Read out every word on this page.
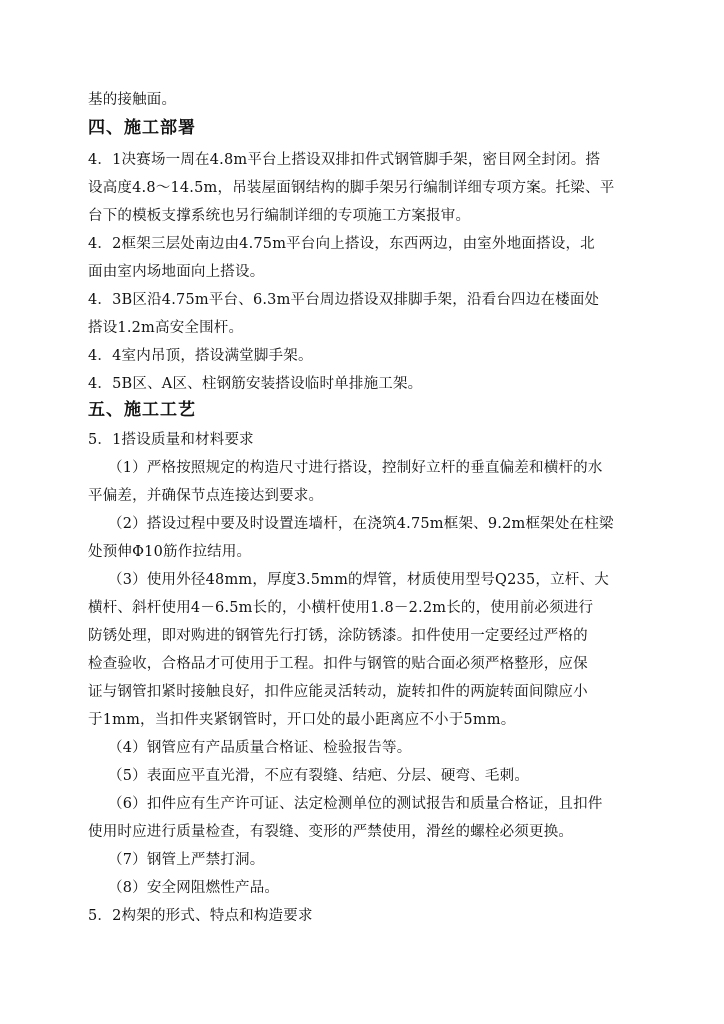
基的接触面。
四、施工部署
4．1决赛场一周在4.8m平台上搭设双排扣件式钢管脚手架，密目网全封闭。搭
设高度4.8～14.5m，吊装屋面钢结构的脚手架另行编制详细专项方案。托梁、平
台下的模板支撑系统也另行编制详细的专项施工方案报审。
4．2框架三层处南边由4.75m平台向上搭设，东西两边，由室外地面搭设，北
面由室内场地面向上搭设。
4．3B区沿4.75m平台、6.3m平台周边搭设双排脚手架，沿看台四边在楼面处
搭设1.2m高安全围杆。
4．4室内吊顶，搭设满堂脚手架。
4．5B区、A区、柱钢筋安装搭设临时单排施工架。
五、施工工艺
5．1搭设质量和材料要求
（1）严格按照规定的构造尺寸进行搭设，控制好立杆的垂直偏差和横杆的水
平偏差，并确保节点连接达到要求。
（2）搭设过程中要及时设置连墙杆，在浇筑4.75m框架、9.2m框架处在柱梁
处预伸Φ10筋作拉结用。
（3）使用外径48mm，厚度3.5mm的焊管，材质使用型号Q235，立杆、大
横杆、斜杆使用4－6.5m长的，小横杆使用1.8－2.2m长的，使用前必须进行
防锈处理，即对购进的钢管先行打锈，涂防锈漆。扣件使用一定要经过严格的
检查验收，合格品才可使用于工程。扣件与钢管的贴合面必须严格整形，应保
证与钢管扣紧时接触良好，扣件应能灵活转动，旋转扣件的两旋转面间隙应小
于1mm，当扣件夹紧钢管时，开口处的最小距离应不小于5mm。
（4）钢管应有产品质量合格证、检验报告等。
（5）表面应平直光滑，不应有裂缝、结疤、分层、硬弯、毛刺。
（6）扣件应有生产许可证、法定检测单位的测试报告和质量合格证，且扣件
使用时应进行质量检查，有裂缝、变形的严禁使用，滑丝的螺栓必须更换。
（7）钢管上严禁打洞。
（8）安全网阻燃性产品。
5．2构架的形式、特点和构造要求
